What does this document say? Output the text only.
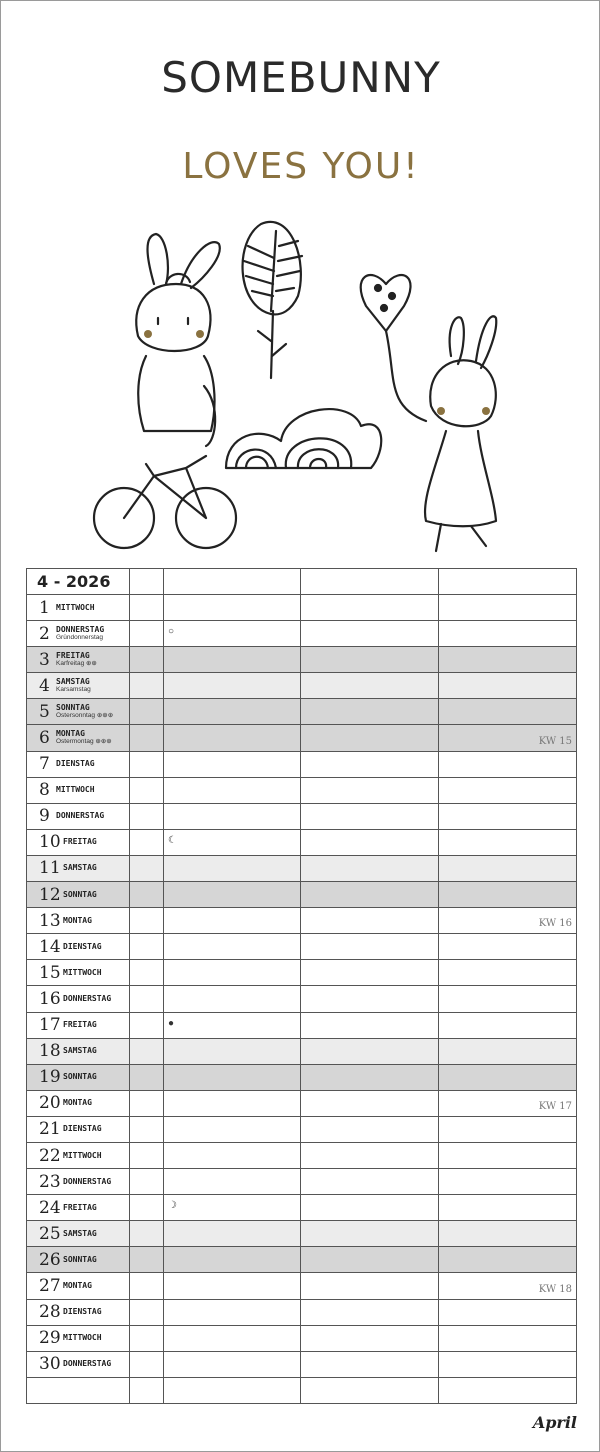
SOMEBUNNY
LOVES YOU!
4 - 2026				
1 MITTWOCH				

2 DONNERSTAG
Gründonnerstag		○		

3 FREITAG
Karfreitag ⊕⊕				

4 SAMSTAG
Karsamstag				

5 SONNTAG
Ostersonntag ⊕⊕⊕				

6 MONTAG
Ostermontag ⊕⊕⊕				KW 15

7 DIENSTAG				

8 MITTWOCH				

9 DONNERSTAG				

10 FREITAG		☾		

11 SAMSTAG				

12 SONNTAG				

13 MONTAG				KW 16

14 DIENSTAG				

15 MITTWOCH				

16 DONNERSTAG				

17 FREITAG		●		

18 SAMSTAG				

19 SONNTAG				

20 MONTAG				KW 17

21 DIENSTAG				

22 MITTWOCH				

23 DONNERSTAG				

24 FREITAG		☽		

25 SAMSTAG				

26 SONNTAG				

27 MONTAG				KW 18

28 DIENSTAG				

29 MITTWOCH				

30 DONNERSTAG				

April
